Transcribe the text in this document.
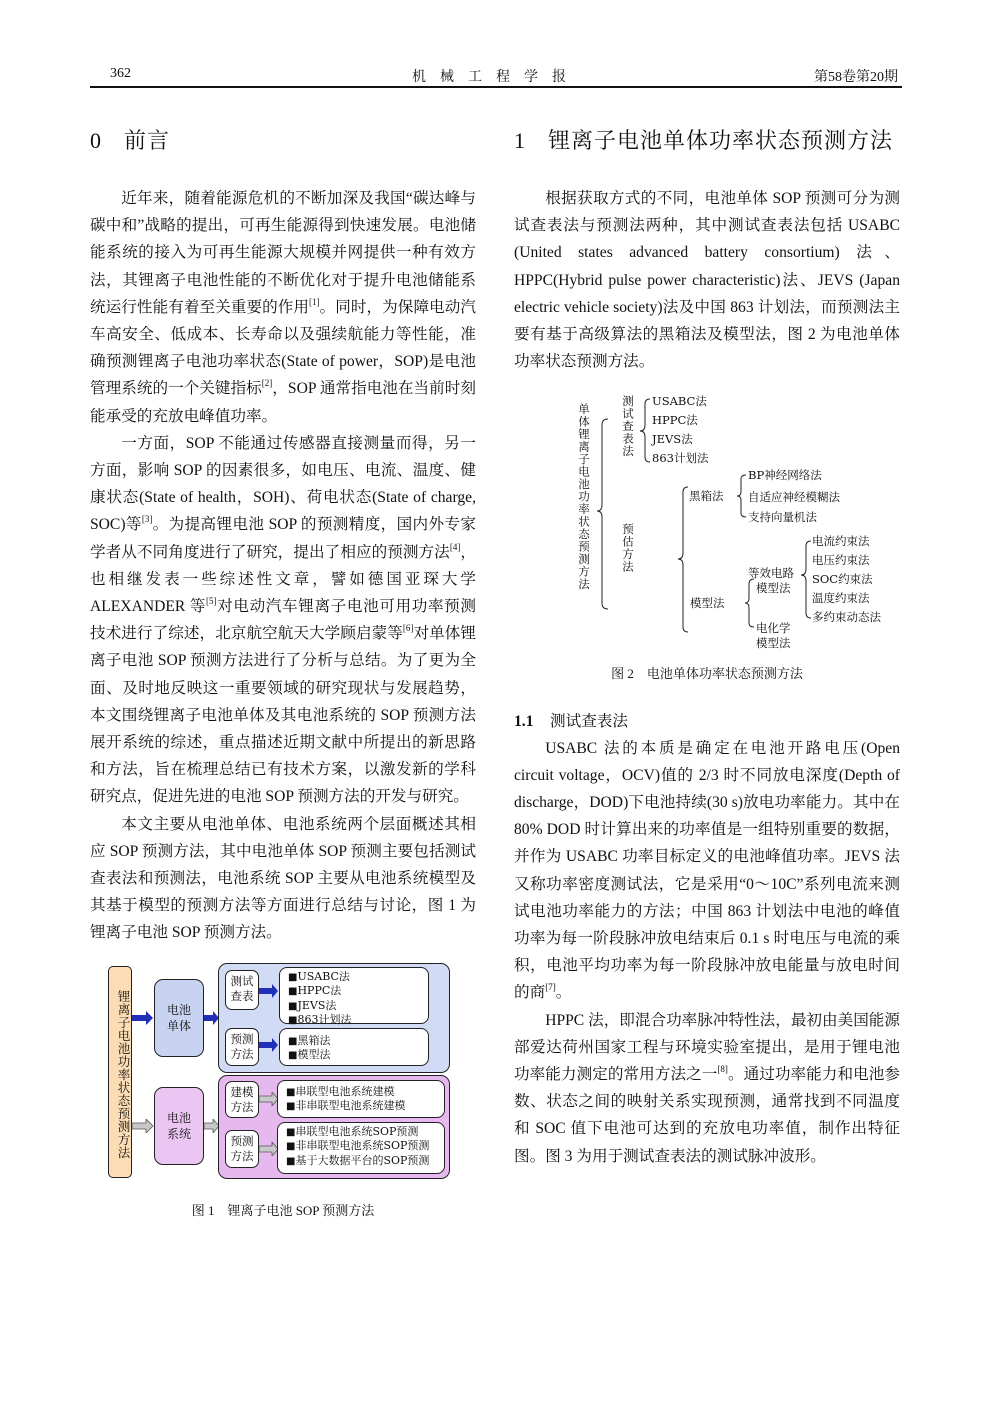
362	机械工程学报	第58卷第20期
0 前言

近年来，随着能源危机的不断加深及我国“碳达峰与碳中和”战略的提出，可再生能源得到快速发展。电池储能系统的接入为可再生能源大规模并网提供一种有效方法，其锂离子电池性能的不断优化对于提升电池储能系统运行性能有着至关重要的作用[1]。同时，为保障电动汽车高安全、低成本、长寿命以及强续航能力等性能，准确预测锂离子电池功率状态(State of power，SOP)是电池管理系统的一个关键指标[2]，SOP 通常指电池在当前时刻能承受的充放电峰值功率。

一方面，SOP 不能通过传感器直接测量而得，另一方面，影响 SOP 的因素很多，如电压、电流、温度、健康状态(State of health，SOH)、荷电状态(State of charge, SOC)等[3]。为提高锂电池 SOP 的预测精度，国内外专家学者从不同角度进行了研究，提出了相应的预测方法[4]，也相继发表一些综述性文章，譬如德国亚琛大学 ALEXANDER 等[5]对电动汽车锂离子电池可用功率预测技术进行了综述，北京航空航天大学顾启蒙等[6]对单体锂离子电池 SOP 预测方法进行了分析与总结。为了更为全面、及时地反映这一重要领域的研究现状与发展趋势，本文围绕锂离子电池单体及其电池系统的 SOP 预测方法展开系统的综述，重点描述近期文献中所提出的新思路和方法，旨在梳理总结已有技术方案，以激发新的学科研究点，促进先进的电池 SOP 预测方法的开发与研究。

本文主要从电池单体、电池系统两个层面概述其相应 SOP 预测方法，其中电池单体 SOP 预测主要包括测试查表法和预测法，电池系统 SOP 主要从电池系统模型及其基于模型的预测方法等方面进行总结与讨论，图 1 为锂离子电池 SOP 预测方法。

锂离子电池功率状态预测方法	电池单体
电池系统
测试查表
■ USABC法
■ HPPC法
■ JEVS法
■ 863计划法
预测方法
■ 黑箱法
■ 模型法
建模方法
■ 串联型电池系统建模
■ 非串联型电池系统建模
预测方法
■ 串联型电池系统SOP预测
■ 非串联型电池系统SOP预测
■ 基于大数据平台的SOP预测

图 1　锂离子电池 SOP 预测方法

1 锂离子电池单体功率状态预测方法

根据获取方式的不同，电池单体 SOP 预测可分为测试查表法与预测法两种，其中测试查表法包括 USABC (United states advanced battery consortium) 法、HPPC(Hybrid pulse power characteristic)法、JEVS (Japan electric vehicle society)法及中国 863 计划法，而预测法主要有基于高级算法的黑箱法及模型法，图 2 为电池单体功率状态预测方法。

单体锂离子电池功率状态预测方法	测试查表法 USABC法
HPPC法
JEVS法
863计划法
预估方法
黑箱法
BP神经网络法
自适应神经模糊法
支持向量机法
模型法
等效电路
模型法
电化学
模型法
电流约束法
电压约束法
SOC约束法
温度约束法
多约束动态法

图 2　电池单体功率状态预测方法

1.1 测试查表法

USABC 法的本质是确定在电池开路电压(Open circuit voltage，OCV)值的 2/3 时不同放电深度(Depth of discharge，DOD)下电池持续(30 s)放电功率能力。其中在 80% DOD 时计算出来的功率值是一组特别重要的数据，并作为 USABC 功率目标定义的电池峰值功率。JEVS 法又称功率密度测试法，它是采用“0～10C”系列电流来测试电池功率能力的方法；中国 863 计划法中电池的峰值功率为每一阶段脉冲放电结束后 0.1 s 时电压与电流的乘积，电池平均功率为每一阶段脉冲放电能量与放电时间的商[7]。

HPPC 法，即混合功率脉冲特性法，最初由美国能源部爱达荷州国家工程与环境实验室提出，是用于锂电池功率能力测定的常用方法之一[8]。通过功率能力和电池参数、状态之间的映射关系实现预测，通常找到不同温度和 SOC 值下电池可达到的充放电功率值，制作出特征图。图 3 为用于测试查表法的测试脉冲波形。
